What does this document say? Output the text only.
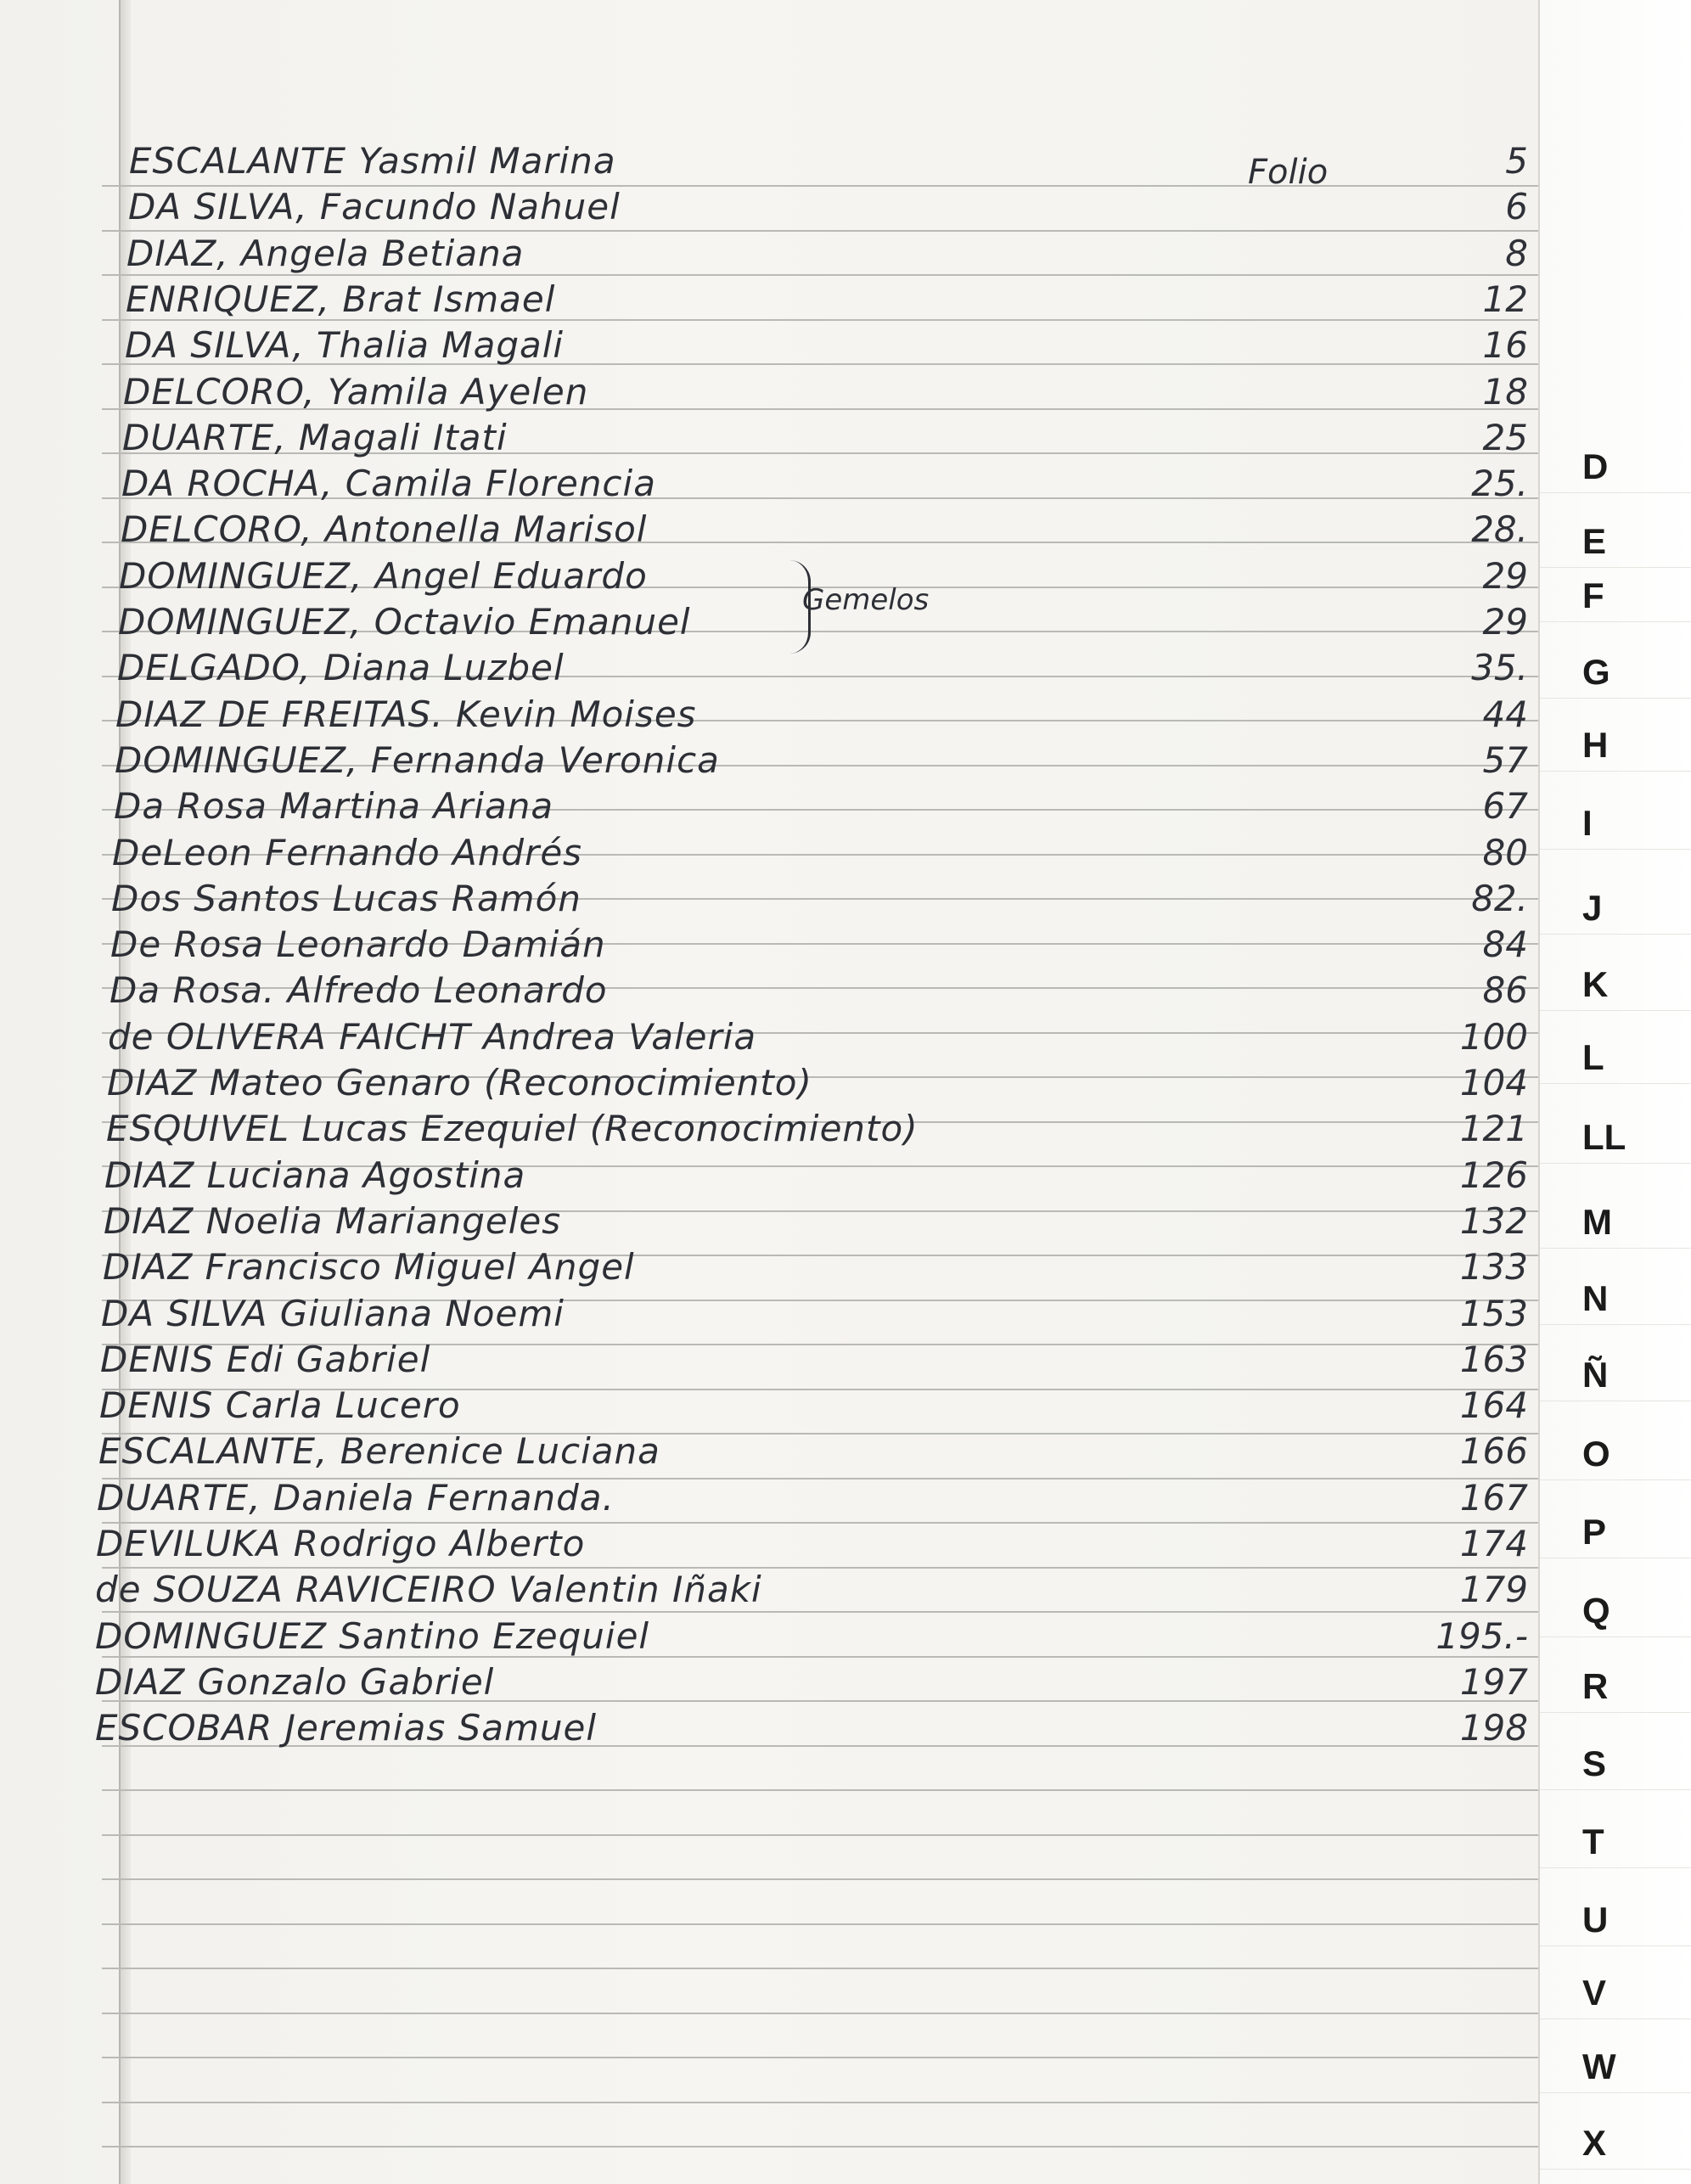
Folio
ESCALANTE Yasmil Marina	5
DA SILVA, Facundo Nahuel	6
DIAZ, Angela Betiana	8
ENRIQUEZ, Brat Ismael	12
DA SILVA, Thalia Magali	16
DELCORO, Yamila Ayelen	18
DUARTE, Magali Itati	25
DA ROCHA, Camila Florencia	25.
DELCORO, Antonella Marisol	28.
DOMINGUEZ, Angel Eduardo	29
DOMINGUEZ, Octavio Emanuel	29
DELGADO, Diana Luzbel	35.
DIAZ DE FREITAS. Kevin Moises	44
DOMINGUEZ, Fernanda Veronica	57
Da Rosa Martina Ariana	67
DeLeon Fernando Andrés	80
Dos Santos Lucas Ramón	82.
De Rosa Leonardo Damián	84
Da Rosa. Alfredo Leonardo	86
de OLIVERA FAICHT Andrea Valeria	100
DIAZ Mateo Genaro (Reconocimiento)	104
ESQUIVEL Lucas Ezequiel (Reconocimiento)	121
DIAZ Luciana Agostina	126
DIAZ Noelia Mariangeles	132
DIAZ Francisco Miguel Angel	133
DA SILVA Giuliana Noemi	153
DENIS Edi Gabriel	163
DENIS Carla Lucero	164
ESCALANTE, Berenice Luciana	166
DUARTE, Daniela Fernanda.	167
DEVILUKA Rodrigo Alberto	174
de SOUZA RAVICEIRO Valentin Iñaki	179
DOMINGUEZ Santino Ezequiel	195.-
DIAZ Gonzalo Gabriel	197
ESCOBAR Jeremias Samuel	198
Gemelos
D
E
F
G
H
I
J
K
L
LL
M
N
Ñ
O
P
Q
R
S
T
U
V
W
X
